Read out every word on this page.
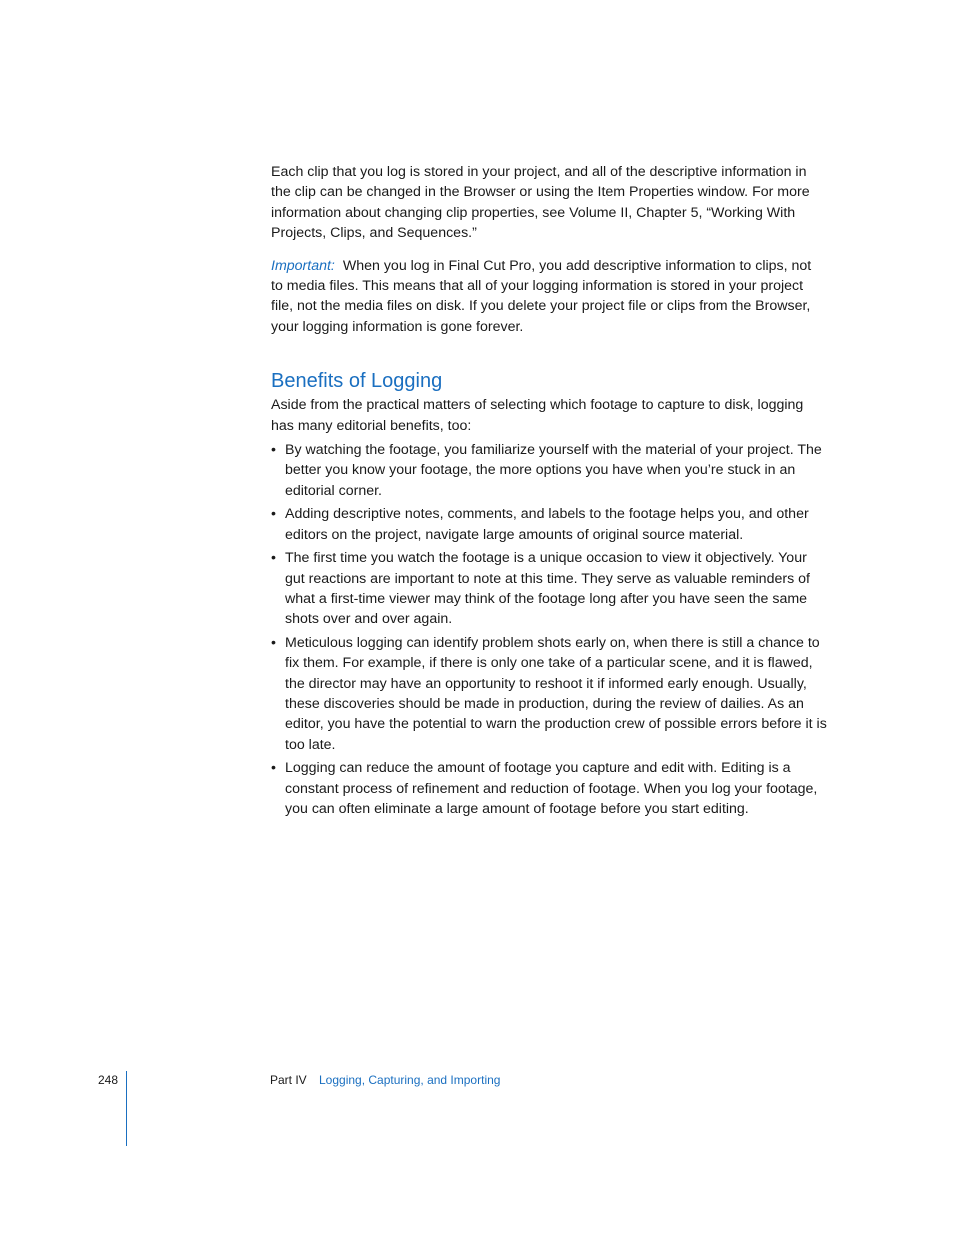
Each clip that you log is stored in your project, and all of the descriptive information in the clip can be changed in the Browser or using the Item Properties window. For more information about changing clip properties, see Volume II, Chapter 5, “Working With Projects, Clips, and Sequences.”

Important: When you log in Final Cut Pro, you add descriptive information to clips, not to media files. This means that all of your logging information is stored in your project file, not the media files on disk. If you delete your project file or clips from the Browser, your logging information is gone forever.

Benefits of Logging

Aside from the practical matters of selecting which footage to capture to disk, logging has many editorial benefits, too:

• By watching the footage, you familiarize yourself with the material of your project. The better you know your footage, the more options you have when you’re stuck in an editorial corner.
• Adding descriptive notes, comments, and labels to the footage helps you, and other editors on the project, navigate large amounts of original source material.
• The first time you watch the footage is a unique occasion to view it objectively. Your gut reactions are important to note at this time. They serve as valuable reminders of what a first-time viewer may think of the footage long after you have seen the same shots over and over again.
• Meticulous logging can identify problem shots early on, when there is still a chance to fix them. For example, if there is only one take of a particular scene, and it is flawed, the director may have an opportunity to reshoot it if informed early enough. Usually, these discoveries should be made in production, during the review of dailies. As an editor, you have the potential to warn the production crew of possible errors before it is too late.
• Logging can reduce the amount of footage you capture and edit with. Editing is a constant process of refinement and reduction of footage. When you log your footage, you can often eliminate a large amount of footage before you start editing.
248	Part IV Logging, Capturing, and Importing
